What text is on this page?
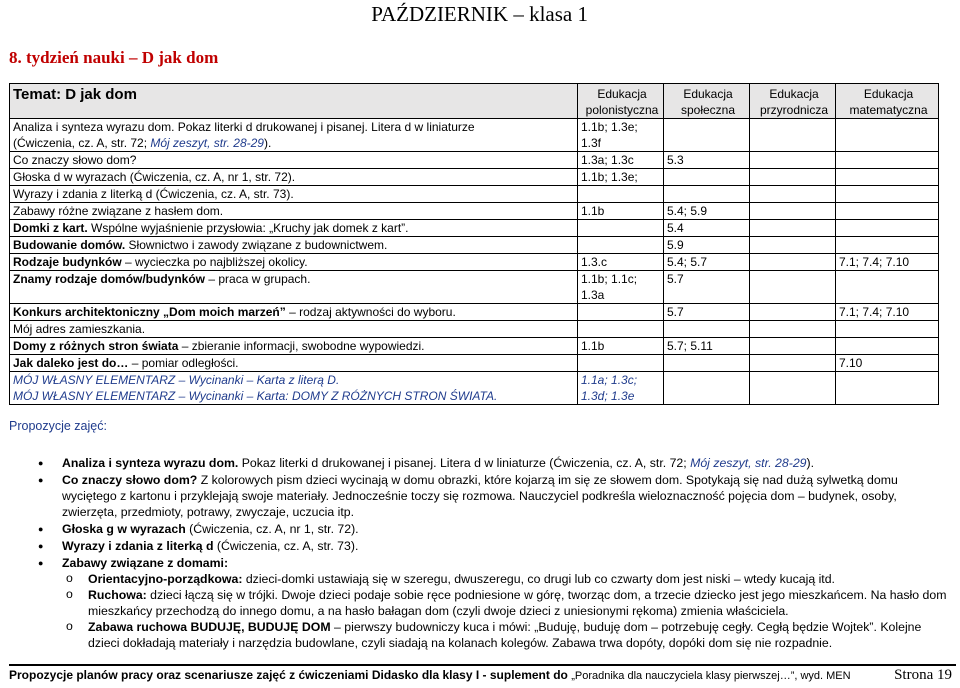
PAŹDZIERNIK – klasa 1
8. tydzień nauki – D jak dom
Temat: D jak dom	Edukacja polonistyczna	Edukacja społeczna	Edukacja przyrodnicza	Edukacja matematyczna
Analiza i synteza wyrazu dom. Pokaz literki d drukowanej i pisanej. Litera d w liniaturze
(Ćwiczenia, cz. A, str. 72; Mój zeszyt, str. 28-29).	1.1b; 1.3e;
1.3f			
Co znaczy słowo dom?	1.3a; 1.3c	5.3		
Głoska d w wyrazach (Ćwiczenia, cz. A, nr 1, str. 72).	1.1b; 1.3e;			
Wyrazy i zdania z literką d (Ćwiczenia, cz. A, str. 73).				
Zabawy różne związane z hasłem dom.	1.1b	5.4; 5.9		
Domki z kart. Wspólne wyjaśnienie przysłowia: „Kruchy jak domek z kart”.		5.4		
Budowanie domów. Słownictwo i zawody związane z budownictwem.		5.9		
Rodzaje budynków – wycieczka po najbliższej okolicy.	1.3.c	5.4; 5.7		7.1; 7.4; 7.10
Znamy rodzaje domów/budynków – praca w grupach.	1.1b; 1.1c;
1.3a	5.7		
Konkurs architektoniczny „Dom moich marzeń” – rodzaj aktywności do wyboru.		5.7		7.1; 7.4; 7.10
Mój adres zamieszkania.				
Domy z różnych stron świata – zbieranie informacji, swobodne wypowiedzi.	1.1b	5.7; 5.11		
Jak daleko jest do… – pomiar odległości.				7.10
MÓJ WŁASNY ELEMENTARZ – Wycinanki – Karta z literą D.
MÓJ WŁASNY ELEMENTARZ – Wycinanki – Karta: DOMY Z RÓŻNYCH STRON ŚWIATA.	1.1a; 1.3c;
1.3d; 1.3e			
Propozycje zajęć:
● Analiza i synteza wyrazu dom. Pokaz literki d drukowanej i pisanej. Litera d w liniaturze (Ćwiczenia, cz. A, str. 72; Mój zeszyt, str. 28-29).
● Co znaczy słowo dom? Z kolorowych pism dzieci wycinają w domu obrazki, które kojarzą im się ze słowem dom. Spotykają się nad dużą sylwetką domu wyciętego z kartonu i przyklejają swoje materiały. Jednocześnie toczy się rozmowa. Nauczyciel podkreśla wieloznaczność pojęcia dom – budynek, osoby, zwierzęta, przedmioty, potrawy, zwyczaje, uczucia itp.
● Głoska g w wyrazach (Ćwiczenia, cz. A, nr 1, str. 72).
● Wyrazy i zdania z literką d (Ćwiczenia, cz. A, str. 73).
● Zabawy związane z domami:
o Orientacyjno-porządkowa: dzieci-domki ustawiają się w szeregu, dwuszeregu, co drugi lub co czwarty dom jest niski – wtedy kucają itd.
o Ruchowa: dzieci łączą się w trójki. Dwoje dzieci podaje sobie ręce podniesione w górę, tworząc dom, a trzecie dziecko jest jego mieszkańcem. Na hasło dom mieszkańcy przechodzą do innego domu, a na hasło bałagan dom (czyli dwoje dzieci z uniesionymi rękoma) zmienia właściciela.
o Zabawa ruchowa BUDUJĘ, BUDUJĘ DOM – pierwszy budowniczy kuca i mówi: „Buduję, buduję dom – potrzebuję cegły. Cegłą będzie Wojtek”. Kolejne dzieci dokładają materiały i narzędzia budowlane, czyli siadają na kolanach kolegów. Zabawa trwa dopóty, dopóki dom się nie rozpadnie.
Propozycje planów pracy oraz scenariusze zajęć z ćwiczeniami Didasko dla klasy I - suplement do „Poradnika dla nauczyciela klasy pierwszej…”, wyd. MEN	Strona 19
